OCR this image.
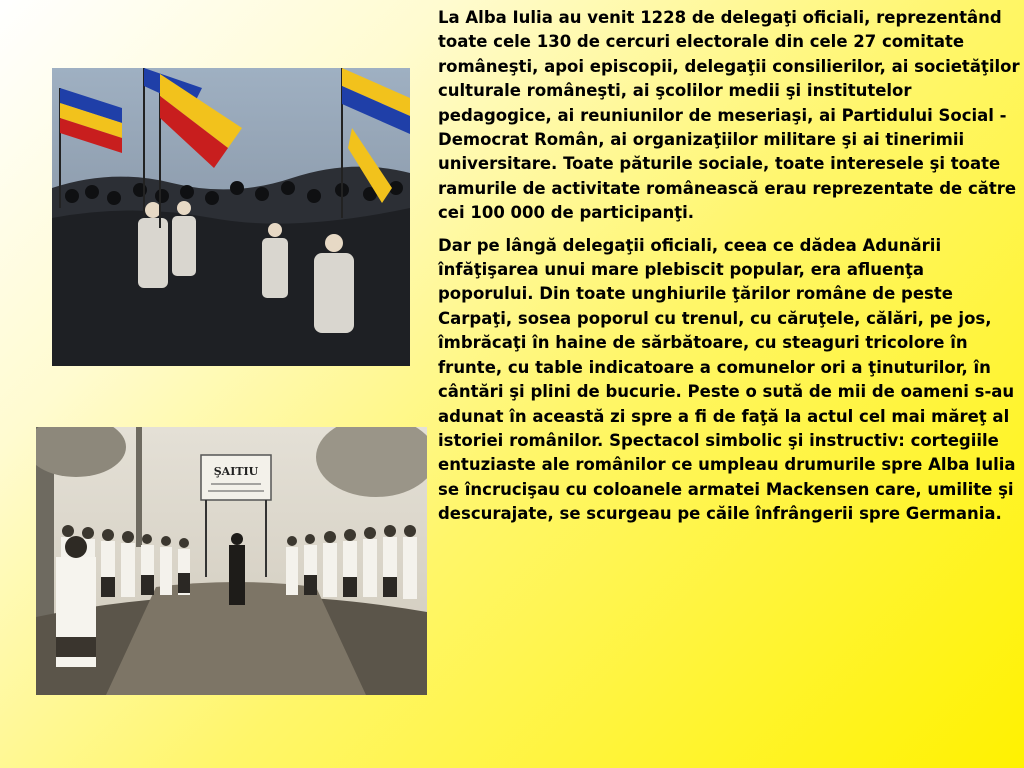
ŞAITIU

La Alba Iulia au venit 1228 de delegaţi oficiali, reprezentând toate cele 130 de cercuri electorale din cele 27 comitate româneşti, apoi episcopii, delegaţii consilierilor, ai societăţilor culturale româneşti, ai şcolilor medii şi institutelor pedagogice, ai reuniunilor de meseriaşi, ai Partidului Social - Democrat Român, ai organizaţiilor militare şi ai tinerimii universitare. Toate păturile sociale, toate interesele şi toate ramurile de activitate românească erau reprezentate de către cei 100 000 de participanţi.

Dar pe lângă delegaţii oficiali, ceea ce dădea Adunării înfăţişarea unui mare plebiscit popular, era afluenţa poporului. Din toate unghiurile ţărilor române de peste Carpaţi, sosea poporul cu trenul, cu căruţele, călări, pe jos, îmbrăcaţi în haine de sărbătoare, cu steaguri tricolore în frunte, cu table indicatoare a comunelor ori a ţinuturilor, în cântări şi plini de bucurie. Peste o sută de mii de oameni s-au adunat în această zi spre a fi de faţă la actul cel mai măreţ al istoriei românilor. Spectacol simbolic şi instructiv: cortegiile entuziaste ale românilor ce umpleau drumurile spre Alba Iulia se încrucişau cu coloanele armatei Mackensen care, umilite şi descurajate, se scurgeau pe căile înfrângerii spre Germania.
